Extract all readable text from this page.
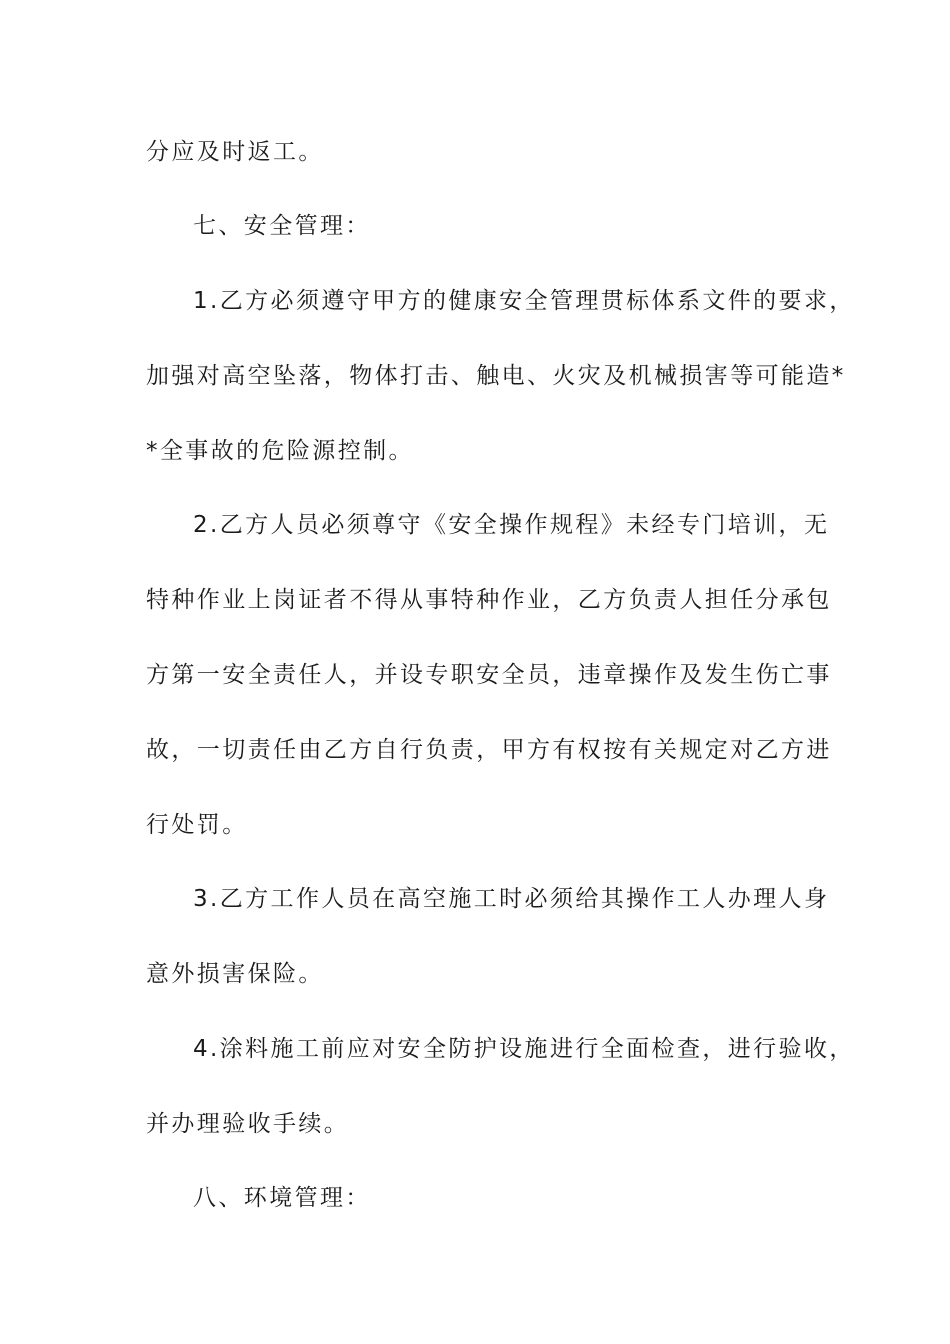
分应及时返工。
七、安全管理：
1.乙方必须遵守甲方的健康安全管理贯标体系文件的要求，
加强对高空坠落，物体打击、触电、火灾及机械损害等可能造*
*全事故的危险源控制。
2.乙方人员必须尊守《安全操作规程》未经专门培训，无
特种作业上岗证者不得从事特种作业，乙方负责人担任分承包
方第一安全责任人，并设专职安全员，违章操作及发生伤亡事
故，一切责任由乙方自行负责，甲方有权按有关规定对乙方进
行处罚。
3.乙方工作人员在高空施工时必须给其操作工人办理人身
意外损害保险。
4.涂料施工前应对安全防护设施进行全面检查，进行验收，
并办理验收手续。
八、环境管理：
